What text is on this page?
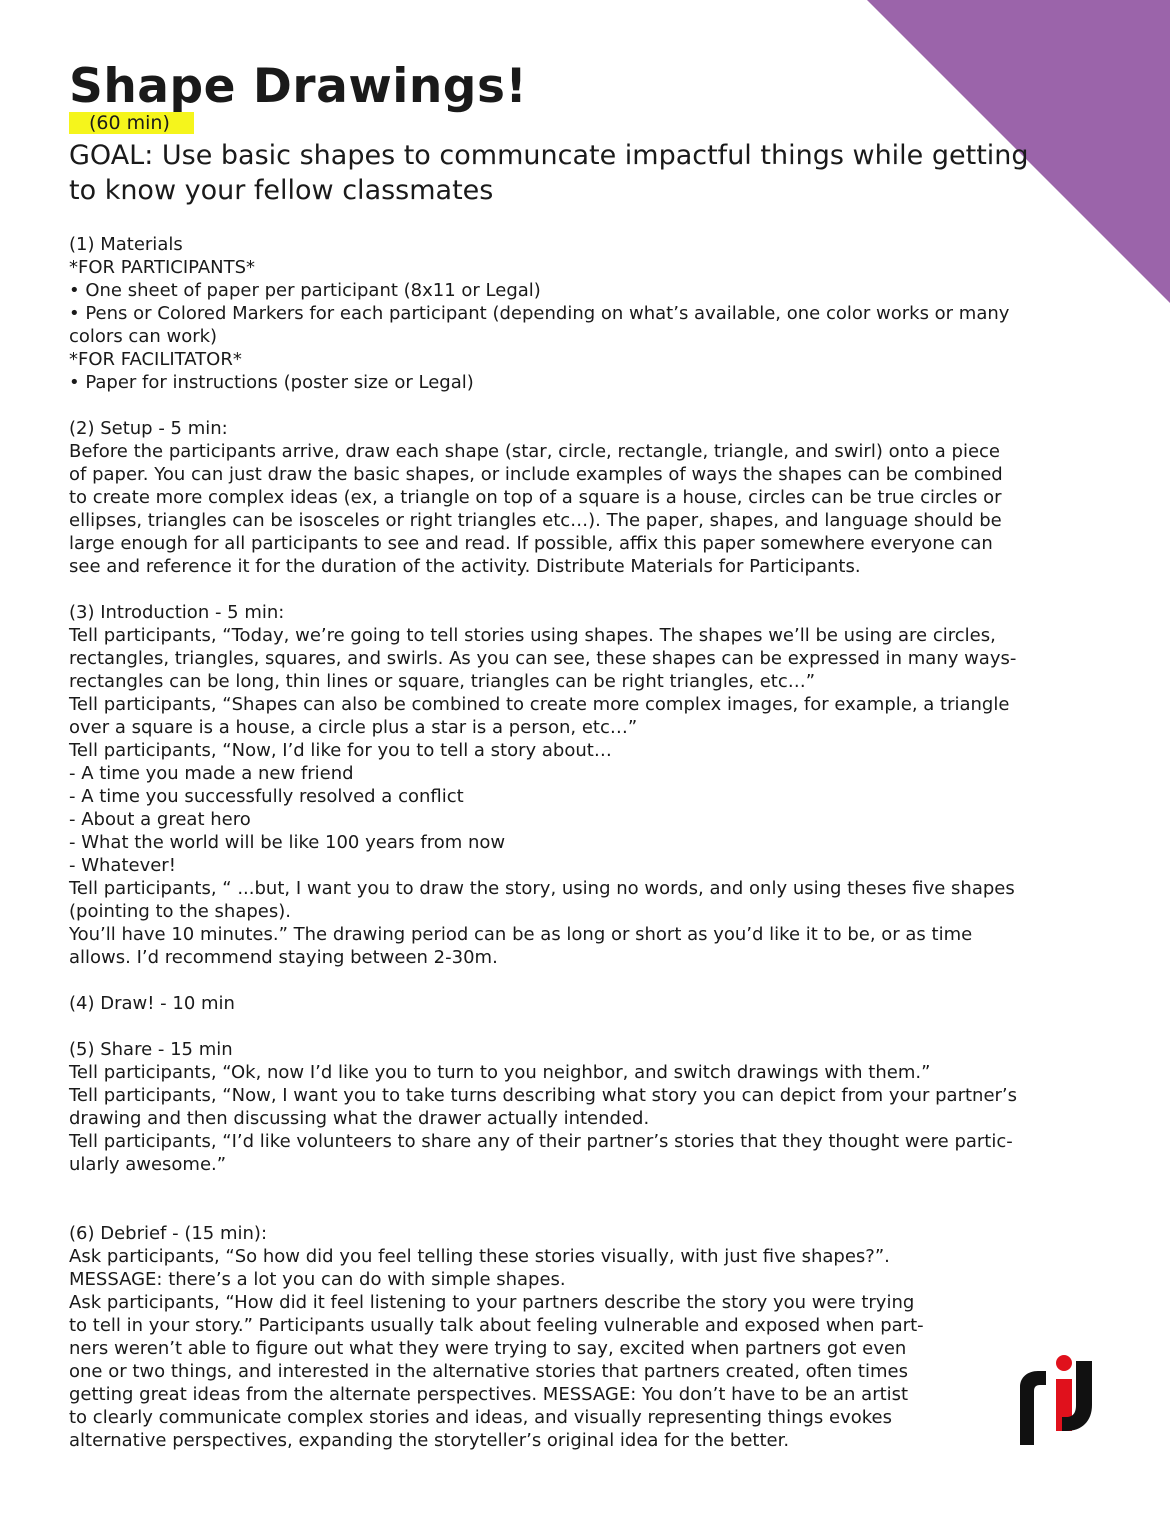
Shape Drawings!
(60 min)
GOAL: Use basic shapes to communcate impactful things while getting
to know your fellow classmates
(1) Materials
*FOR PARTICIPANTS*
• One sheet of paper per participant (8x11 or Legal)
• Pens or Colored Markers for each participant (depending on what’s available, one color works or many
colors can work)
*FOR FACILITATOR*
• Paper for instructions (poster size or Legal)
(2) Setup - 5 min:
Before the participants arrive, draw each shape (star, circle, rectangle, triangle, and swirl) onto a piece
of paper. You can just draw the basic shapes, or include examples of ways the shapes can be combined
to create more complex ideas (ex, a triangle on top of a square is a house, circles can be true circles or
ellipses, triangles can be isosceles or right triangles etc…). The paper, shapes, and language should be
large enough for all participants to see and read. If possible, affix this paper somewhere everyone can
see and reference it for the duration of the activity. Distribute Materials for Participants.
(3) Introduction - 5 min:
Tell participants, “Today, we’re going to tell stories using shapes. The shapes we’ll be using are circles,
rectangles, triangles, squares, and swirls. As you can see, these shapes can be expressed in many ways-
rectangles can be long, thin lines or square, triangles can be right triangles, etc…”
Tell participants, “Shapes can also be combined to create more complex images, for example, a triangle
over a square is a house, a circle plus a star is a person, etc…”
Tell participants, “Now, I’d like for you to tell a story about…
- A time you made a new friend
- A time you successfully resolved a conflict
- About a great hero
- What the world will be like 100 years from now
- Whatever!
Tell participants, “ ...but, I want you to draw the story, using no words, and only using theses five shapes
(pointing to the shapes).
You’ll have 10 minutes.” The drawing period can be as long or short as you’d like it to be, or as time
allows. I’d recommend staying between 2-30m.
(4) Draw! - 10 min
(5) Share - 15 min
Tell participants, “Ok, now I’d like you to turn to you neighbor, and switch drawings with them.”
Tell participants, “Now, I want you to take turns describing what story you can depict from your partner’s
drawing and then discussing what the drawer actually intended.
Tell participants, “I’d like volunteers to share any of their partner’s stories that they thought were partic-
ularly awesome.”
(6) Debrief - (15 min):
Ask participants, “So how did you feel telling these stories visually, with just five shapes?”.
MESSAGE: there’s a lot you can do with simple shapes.
Ask participants, “How did it feel listening to your partners describe the story you were trying
to tell in your story.” Participants usually talk about feeling vulnerable and exposed when part-
ners weren’t able to figure out what they were trying to say, excited when partners got even
one or two things, and interested in the alternative stories that partners created, often times
getting great ideas from the alternate perspectives. MESSAGE: You don’t have to be an artist
to clearly communicate complex stories and ideas, and visually representing things evokes
alternative perspectives, expanding the storyteller’s original idea for the better.
